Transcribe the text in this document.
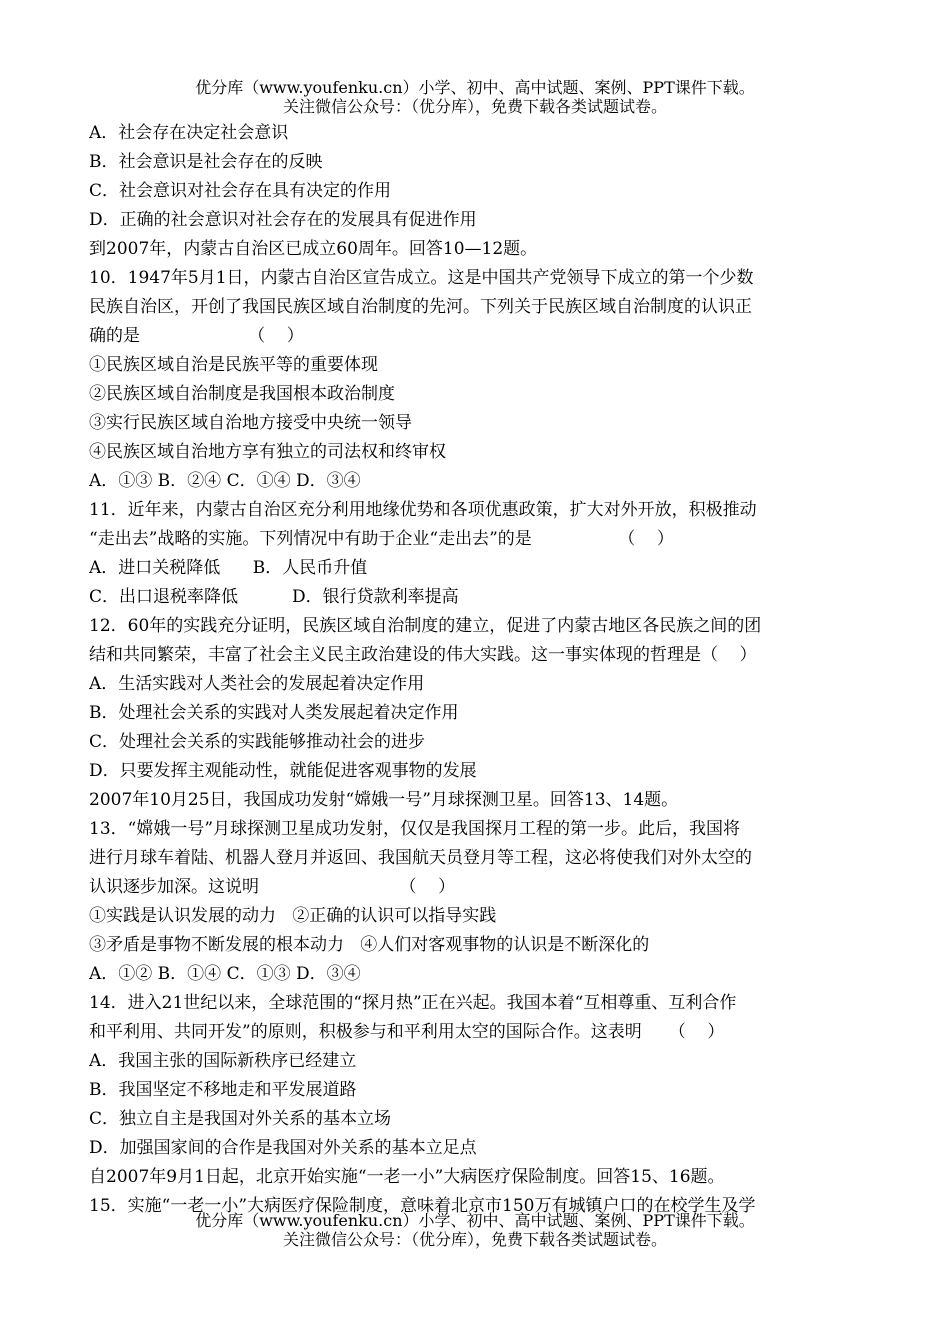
优分库（www.youfenku.cn）小学、初中、高中试题、案例、PPT课件下载。
关注微信公众号：（优分库），免费下载各类试题试卷。
A．社会存在决定社会意识
B．社会意识是社会存在的反映
C．社会意识对社会存在具有决定的作用
D．正确的社会意识对社会存在的发展具有促进作用
到2007年，内蒙古自治区已成立60周年。回答10—12题。
10．1947年5月1日，内蒙古自治区宣告成立。这是中国共产党领导下成立的第一个少数
民族自治区，开创了我国民族区域自治制度的先河。下列关于民族区域自治制度的认识正
确的是                    （    ）
①民族区域自治是民族平等的重要体现
②民族区域自治制度是我国根本政治制度
③实行民族区域自治地方接受中央统一领导
④民族区域自治地方享有独立的司法权和终审权
A．①③ B．②④ C．①④ D．③④
11．近年来，内蒙古自治区充分利用地缘优势和各项优惠政策，扩大对外开放，积极推动
“走出去”战略的实施。下列情况中有助于企业“走出去”的是                （    ）
A．进口关税降低      B．人民币升值
C．出口退税率降低          D．银行贷款利率提高
12．60年的实践充分证明，民族区域自治制度的建立，促进了内蒙古地区各民族之间的团
结和共同繁荣，丰富了社会主义民主政治建设的伟大实践。这一事实体现的哲理是（    ）
A．生活实践对人类社会的发展起着决定作用
B．处理社会关系的实践对人类发展起着决定作用
C．处理社会关系的实践能够推动社会的进步
D．只要发挥主观能动性，就能促进客观事物的发展
2007年10月25日，我国成功发射“嫦娥一号”月球探测卫星。回答13、14题。
13．“嫦娥一号”月球探测卫星成功发射，仅仅是我国探月工程的第一步。此后，我国将
进行月球车着陆、机器人登月并返回、我国航天员登月等工程，这必将使我们对外太空的
认识逐步加深。这说明                          （    ）
①实践是认识发展的动力   ②正确的认识可以指导实践
③矛盾是事物不断发展的根本动力   ④人们对客观事物的认识是不断深化的
A．①② B．①④ C．①③ D．③④
14．进入21世纪以来，全球范围的“探月热”正在兴起。我国本着“互相尊重、互利合作
和平利用、共同开发”的原则，积极参与和平利用太空的国际合作。这表明     （    ）
A．我国主张的国际新秩序已经建立
B．我国坚定不移地走和平发展道路
C．独立自主是我国对外关系的基本立场
D．加强国家间的合作是我国对外关系的基本立足点
自2007年9月1日起，北京开始实施“一老一小”大病医疗保险制度。回答15、16题。
15．实施“一老一小”大病医疗保险制度，意味着北京市150万有城镇户口的在校学生及学
优分库（www.youfenku.cn）小学、初中、高中试题、案例、PPT课件下载。
关注微信公众号：（优分库），免费下载各类试题试卷。
